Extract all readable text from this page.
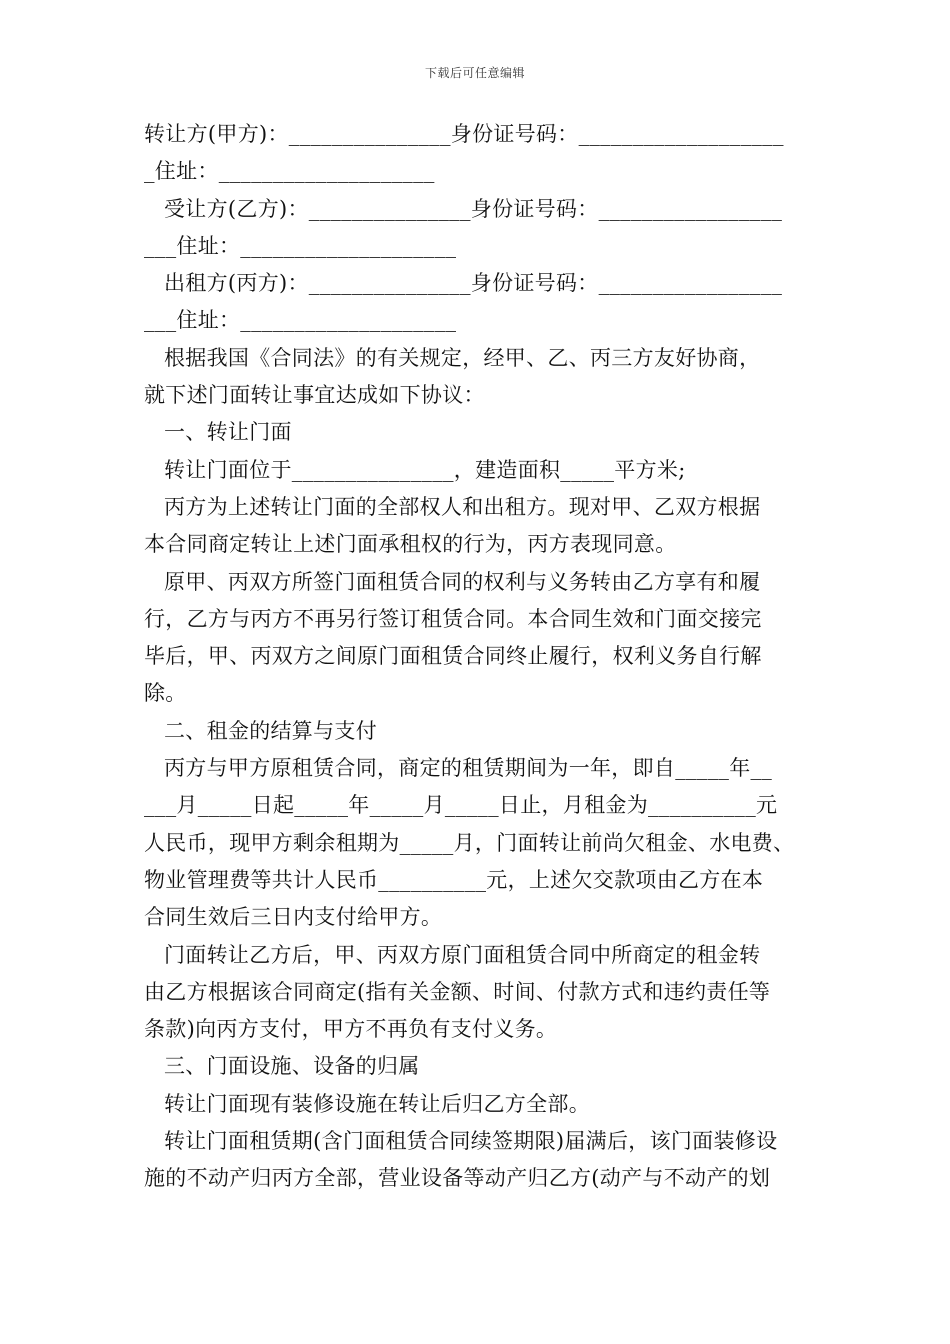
下载后可任意编辑
转让方(甲方)：_______________身份证号码：___________________
_住址：____________________
受让方(乙方)：_______________身份证号码：_________________
___住址：____________________
出租方(丙方)：_______________身份证号码：_________________
___住址：____________________
根据我国《合同法》的有关规定，经甲、乙、丙三方友好协商，
就下述门面转让事宜达成如下协议：
一、转让门面
转让门面位于_______________，建造面积_____平方米;
丙方为上述转让门面的全部权人和出租方。现对甲、乙双方根据
本合同商定转让上述门面承租权的行为，丙方表现同意。
原甲、丙双方所签门面租赁合同的权利与义务转由乙方享有和履
行，乙方与丙方不再另行签订租赁合同。本合同生效和门面交接完
毕后，甲、丙双方之间原门面租赁合同终止履行，权利义务自行解
除。
二、租金的结算与支付
丙方与甲方原租赁合同，商定的租赁期间为一年，即自_____年__
___月_____日起_____年_____月_____日止，月租金为__________元
人民币，现甲方剩余租期为_____月，门面转让前尚欠租金、水电费、
物业管理费等共计人民币__________元，上述欠交款项由乙方在本
合同生效后三日内支付给甲方。
门面转让乙方后，甲、丙双方原门面租赁合同中所商定的租金转
由乙方根据该合同商定(指有关金额、时间、付款方式和违约责任等
条款)向丙方支付，甲方不再负有支付义务。
三、门面设施、设备的归属
转让门面现有装修设施在转让后归乙方全部。
转让门面租赁期(含门面租赁合同续签期限)届满后，该门面装修设
施的不动产归丙方全部，营业设备等动产归乙方(动产与不动产的划
